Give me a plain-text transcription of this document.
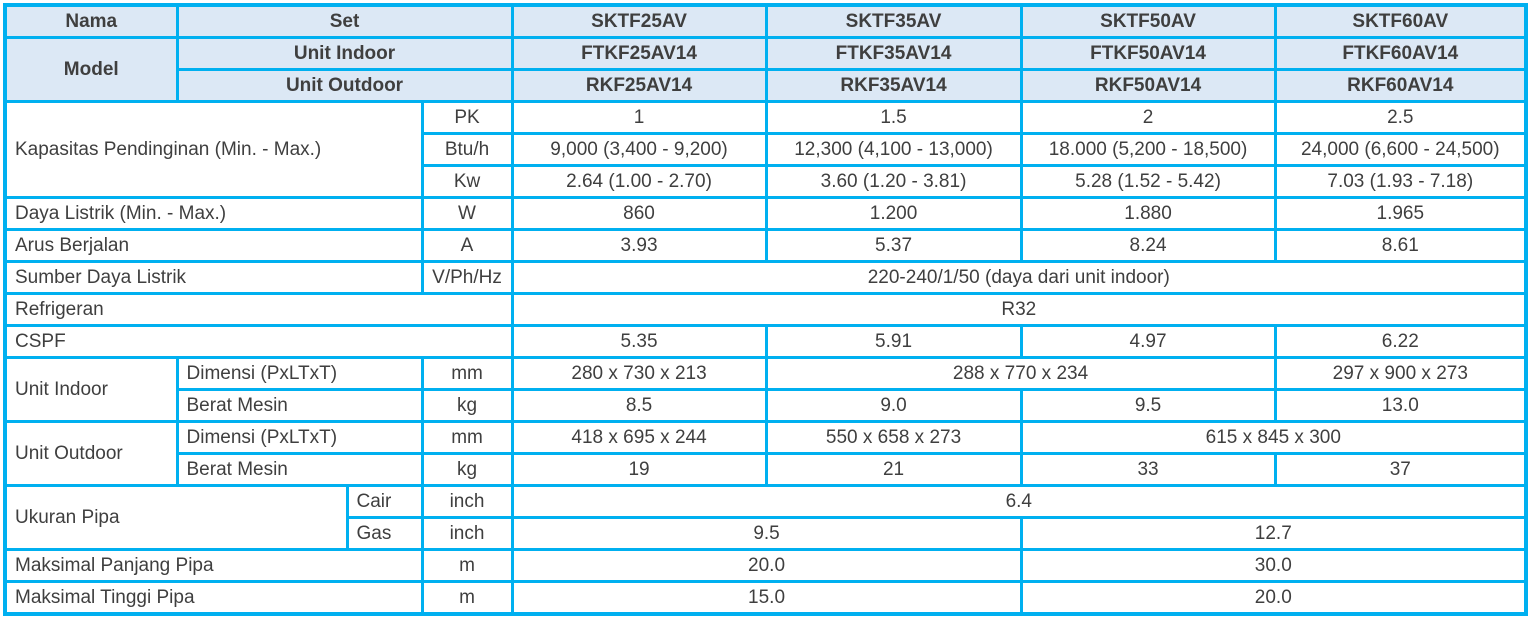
Nama	Set			SKTF25AV	SKTF35AV	SKTF50AV	SKTF60AV
Model	Unit Indoor			FTKF25AV14	FTKF35AV14	FTKF50AV14	FTKF60AV14
	Unit Outdoor			RKF25AV14	RKF35AV14	RKF50AV14	RKF60AV14
Kapasitas Pendinginan (Min. - Max.)			PK	1	1.5	2	2.5
			Btu/h	9,000 (3,400 - 9,200)	12,300 (4,100 - 13,000)	18.000 (5,200 - 18,500)	24,000 (6,600 - 24,500)
			Kw	2.64 (1.00 - 2.70)	3.60 (1.20 - 3.81)	5.28 (1.52 - 5.42)	7.03 (1.93 - 7.18)
Daya Listrik (Min. - Max.)			W	860	1.200	1.880	1.965
Arus Berjalan			A	3.93	5.37	8.24	8.61
Sumber Daya Listrik			V/Ph/Hz	220-240/1/50 (daya dari unit indoor)			
Refrigeran				R32			
CSPF				5.35	5.91	4.97	6.22
Unit Indoor	Dimensi (PxLTxT)		mm	280 x 730 x 213	288 x 770 x 234		297 x 900 x 273
	Berat Mesin		kg	8.5	9.0	9.5	13.0
Unit Outdoor	Dimensi (PxLTxT)		mm	418 x 695 x 244	550 x 658 x 273	615 x 845 x 300	
	Berat Mesin		kg	19	21	33	37
Ukuran Pipa		Cair	inch	6.4			
		Gas	inch	9.5		12.7	
Maksimal Panjang Pipa			m	20.0		30.0	
Maksimal Tinggi Pipa			m	15.0		20.0	
